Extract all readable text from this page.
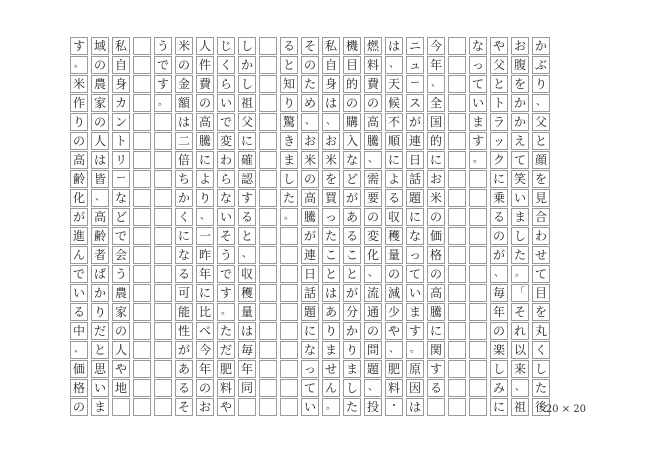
か
ぶ
り
、
父
と
顔
を
見
合
わ
せ
て
目
を
丸
く
し
た
後
お
腹
を
か
か
え
て
笑
い
ま
し
た
。
「
そ
れ
以
来
、
祖
や
父
と
ト
ラ
ッ
ク
に
乗
る
の
が
、
毎
年
の
楽
し
み
に
な
っ
て
い
ま
す
。
今
年
、
全
国
的
に
お
米
の
価
格
の
高
騰
に
関
す
る
ニ
ュ
ー
ス
が
連
日
話
題
に
な
っ
て
い
ま
す
。
原
因
は
は
、
天
候
不
順
に
よ
る
収
穫
量
の
減
少
や
、
肥
料
・
燃
料
費
の
高
騰
、
需
要
の
変
化
、
流
通
の
問
題
、
投
機
目
的
の
購
入
な
ど
が
あ
る
こ
と
が
分
か
り
ま
し
た
私
自
身
は
、
お
米
を
買
っ
た
こ
と
は
あ
り
ま
せ
ん
。
そ
の
た
め
、
お
米
の
高
騰
が
連
日
話
題
に
な
っ
て
い
る
と
知
り
驚
き
ま
し
た
。
し
か
し
祖
父
に
確
認
す
る
と
、
収
穫
量
は
毎
年
同
じ
く
ら
い
で
変
わ
ら
な
い
そ
う
で
す
。
た
だ
肥
料
や
人
件
費
の
高
騰
に
よ
り
、
一
昨
年
に
比
べ
今
年
の
お
米
の
金
額
は
二
倍
ち
か
く
に
な
る
可
能
性
が
あ
る
そ
う
で
す
。
私
自
身
カ
ン
ト
リ
ー
な
ど
で
会
う
農
家
の
人
や
地
域
の
農
家
の
人
は
皆
、
高
齢
者
ば
か
り
だ
と
思
い
ま
す
。
米
作
り
の
高
齢
化
が
進
ん
で
い
る
中
、
価
格
の	20 × 20
